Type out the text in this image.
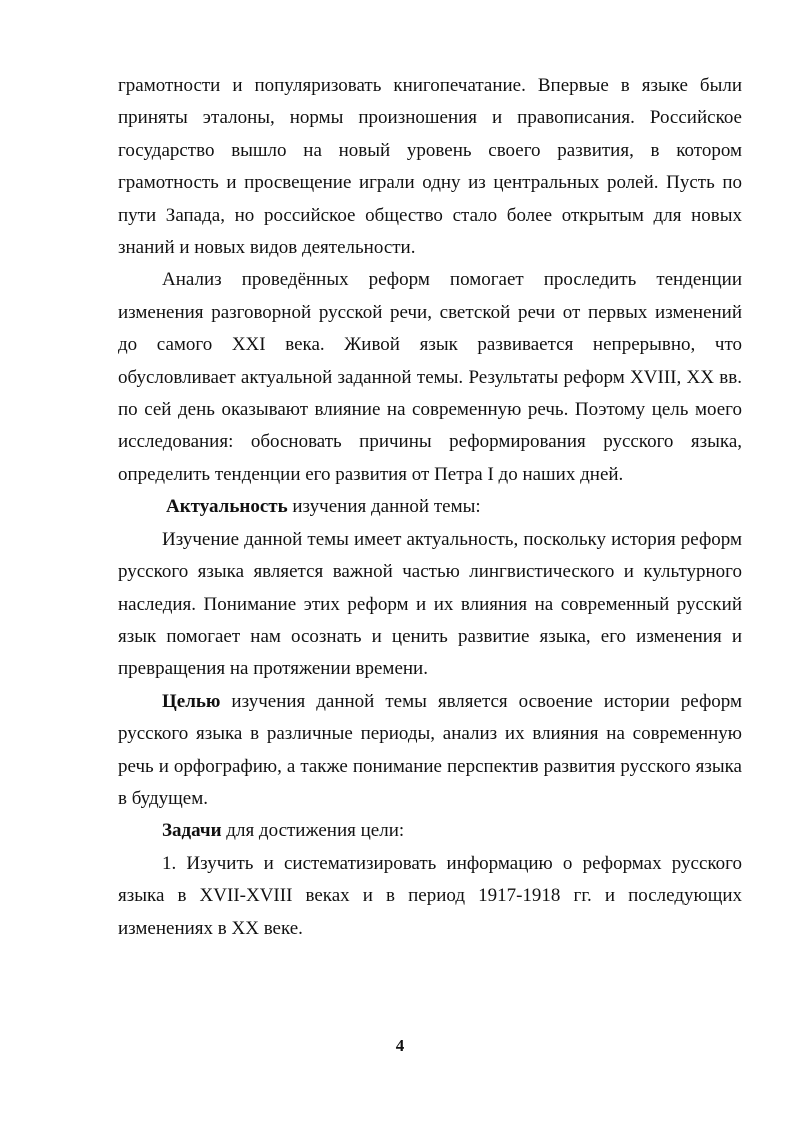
грамотности и популяризовать книгопечатание. Впервые в языке были приняты эталоны, нормы произношения и правописания. Российское государство вышло на новый уровень своего развития, в котором грамотность и просвещение играли одну из центральных ролей. Пусть по пути Запада, но российское общество стало более открытым для новых знаний и новых видов деятельности.

Анализ проведённых реформ помогает проследить тенденции изменения разговорной русской речи, светской речи от первых изменений до самого XXI века. Живой язык развивается непрерывно, что обусловливает актуальной заданной темы. Результаты реформ XVIII, XX вв. по сей день оказывают влияние на современную речь. Поэтому цель моего исследования: обосновать причины реформирования русского языка, определить тенденции его развития от Петра I до наших дней.

Актуальность изучения данной темы:

Изучение данной темы имеет актуальность, поскольку история реформ русского языка является важной частью лингвистического и культурного наследия. Понимание этих реформ и их влияния на современный русский язык помогает нам осознать и ценить развитие языка, его изменения и превращения на протяжении времени.

Целью изучения данной темы является освоение истории реформ русского языка в различные периоды, анализ их влияния на современную речь и орфографию, а также понимание перспектив развития русского языка в будущем.

Задачи для достижения цели:

1. Изучить и систематизировать информацию о реформах русского языка в XVII-XVIII веках и в период 1917-1918 гг. и последующих изменениях в XX веке.

4
